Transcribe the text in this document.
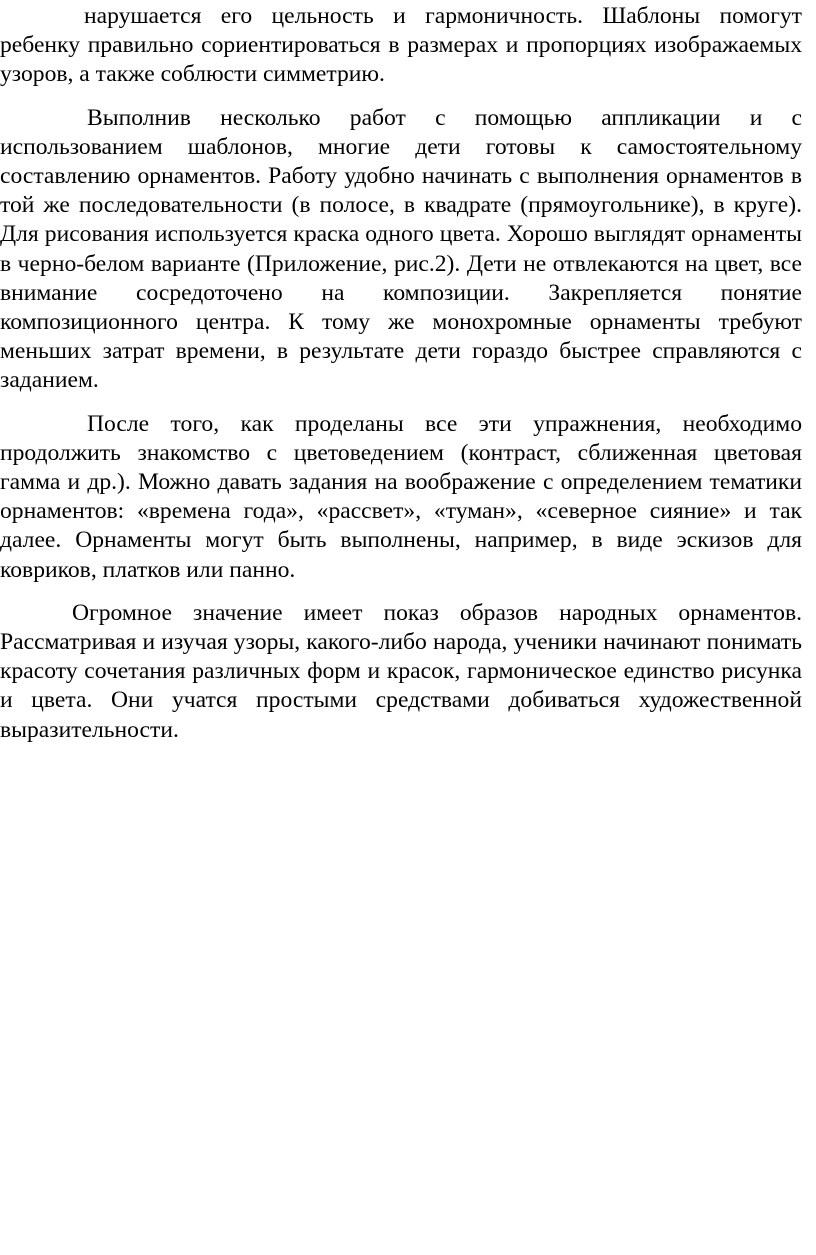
нарушается его цельность и гармоничность. Шаблоны помогут ребенку правильно сориентироваться в размерах и пропорциях изображаемых узоров, а также соблюсти симметрию.

Выполнив несколько работ с помощью аппликации и с использованием шаблонов, многие дети готовы к самостоятельному составлению орнаментов. Работу удобно начинать с выполнения орнаментов в той же последовательности (в полосе, в квадрате (прямоугольнике), в круге). Для рисования используется краска одного цвета. Хорошо выглядят орнаменты в черно-белом варианте (Приложение, рис.2). Дети не отвлекаются на цвет, все внимание сосредоточено на композиции. Закрепляется понятие композиционного центра. К тому же монохромные орнаменты требуют меньших затрат времени, в результате дети гораздо быстрее справляются с заданием.

После того, как проделаны все эти упражнения, необходимо продолжить знакомство с цветоведением (контраст, сближенная цветовая гамма и др.). Можно давать задания на воображение с определением тематики орнаментов: «времена года», «рассвет», «туман», «северное сияние» и так далее. Орнаменты могут быть выполнены, например, в виде эскизов для ковриков, платков или панно.

Огромное значение имеет показ образов народных орнаментов. Рассматривая и изучая узоры, какого-либо народа, ученики начинают понимать красоту сочетания различных форм и красок, гармоническое единство рисунка и цвета. Они учатся простыми средствами добиваться художественной выразительности.
